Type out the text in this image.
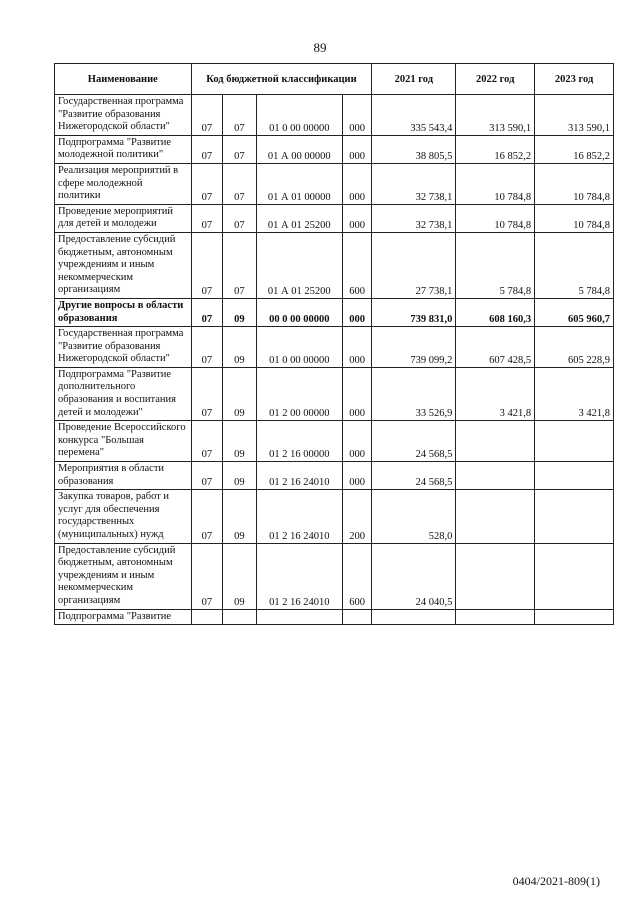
89
Наименование	Код бюджетной классификации				2021 год	2022 год	2023 год
Государственная программа "Развитие образования Нижегородской области"	07	07	01 0 00 00000	000	335 543,4	313 590,1	313 590,1
Подпрограмма "Развитие молодежной политики"	07	07	01 А 00 00000	000	38 805,5	16 852,2	16 852,2
Реализация мероприятий в сфере молодежной политики	07	07	01 А 01 00000	000	32 738,1	10 784,8	10 784,8
Проведение мероприятий для детей и молодежи	07	07	01 А 01 25200	000	32 738,1	10 784,8	10 784,8
Предоставление субсидий бюджетным, автономным учреждениям и иным некоммерческим организациям	07	07	01 А 01 25200	600	27 738,1	5 784,8	5 784,8
Другие вопросы в области образования	07	09	00 0 00 00000	000	739 831,0	608 160,3	605 960,7
Государственная программа "Развитие образования Нижегородской области"	07	09	01 0 00 00000	000	739 099,2	607 428,5	605 228,9
Подпрограмма "Развитие дополнительного образования и воспитания детей и молодежи"	07	09	01 2 00 00000	000	33 526,9	3 421,8	3 421,8
Проведение Всероссийского конкурса "Большая перемена"	07	09	01 2 16 00000	000	24 568,5		
Мероприятия в области образования	07	09	01 2 16 24010	000	24 568,5		
Закупка товаров, работ и услуг для обеспечения государственных (муниципальных) нужд	07	09	01 2 16 24010	200	528,0		
Предоставление субсидий бюджетным, автономным учреждениям и иным некоммерческим организациям	07	09	01 2 16 24010	600	24 040,5		
Подпрограмма "Развитие							
0404/2021-809(1)
